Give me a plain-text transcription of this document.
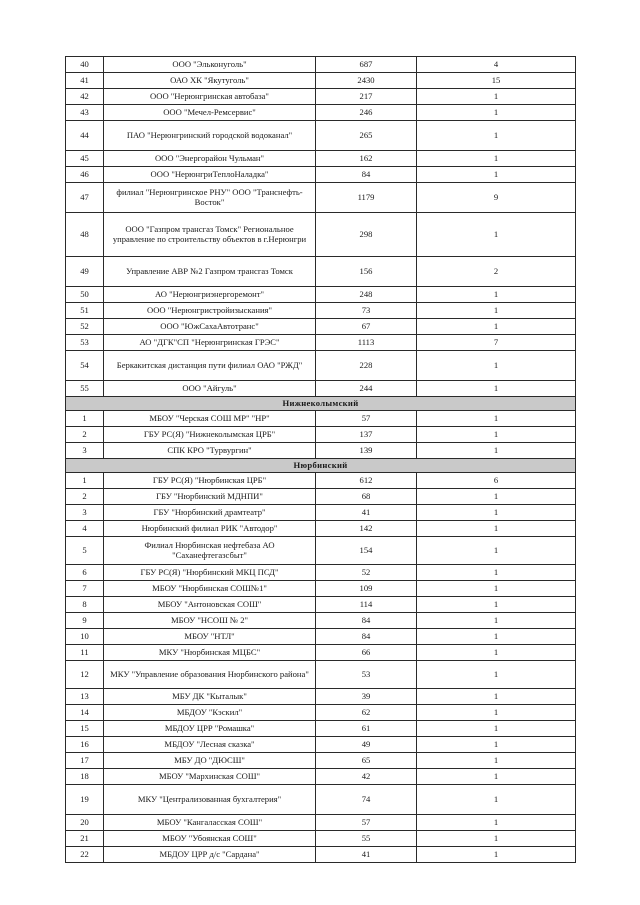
40	ООО "Эльконуголь"	687	4
41	ОАО ХК "Якутуголь"	2430	15
42	ООО "Нерюнгринская автобаза"	217	1
43	ООО "Мечел-Ремсервис"	246	1
44	ПАО "Нерюнгринский городской водоканал"	265	1
45	ООО "Энергорайон Чульман"	162	1
46	ООО "НерюнгриТеплоНаладка"	84	1
47	филиал "Нерюнгринское РНУ" ООО "Транснефть-Восток"	1179	9
48	ООО "Газпром трансгаз Томск" Региональное управление по строительству объектов в г.Нерюнгри	298	1
49	Управление АВР №2 Газпром трансгаз Томск	156	2
50	АО "Нерюнгриэнергоремонт"	248	1
51	ООО "Нерюнгристройизыскания"	73	1
52	ООО "ЮжСахаАвтотранс"	67	1
53	АО "ДГК"СП "Нерюнгринская ГРЭС"	1113	7
54	Беркакитская дистанция пути филиал ОАО "РЖД"	228	1
55	ООО "Айгуль"	244	1
Нижнеколымский			
1	МБОУ "Черская СОШ МР" "НР"	57	1
2	ГБУ РС(Я) "Нижнеколымская ЦРБ"	137	1
3	СПК КРО "Турвургин"	139	1
Нюрбинский			
1	ГБУ РС(Я) "Нюрбинская ЦРБ"	612	6
2	ГБУ "Нюрбинский МДНПИ"	68	1
3	ГБУ "Нюрбинский драмтеатр"	41	1
4	Нюрбинский филиал РИК "Автодор"	142	1
5	Филиал Нюрбинская нефтебаза АО "Саханефтегазсбыт"	154	1
6	ГБУ РС(Я) "Нюрбинский МКЦ ПСД"	52	1
7	МБОУ "Нюрбинская СОШ№1"	109	1
8	МБОУ "Антоновская СОШ"	114	1
9	МБОУ "НСОШ № 2"	84	1
10	МБОУ "НТЛ"	84	1
11	МКУ "Нюрбинская МЦБС"	66	1
12	МКУ "Управление образования Нюрбинского района"	53	1
13	МБУ ДК "Кыталык"	39	1
14	МБДОУ "Кэскил"	62	1
15	МБДОУ ЦРР "Ромашка"	61	1
16	МБДОУ "Лесная сказка"	49	1
17	МБУ ДО "ДЮСШ"	65	1
18	МБОУ "Мархинская СОШ"	42	1
19	МКУ "Централизованная бухгалтерия"	74	1
20	МБОУ "Кангаласская СОШ"	57	1
21	МБОУ "Убоянская СОШ"	55	1
22	МБДОУ ЦРР д/с "Сардана"	41	1
